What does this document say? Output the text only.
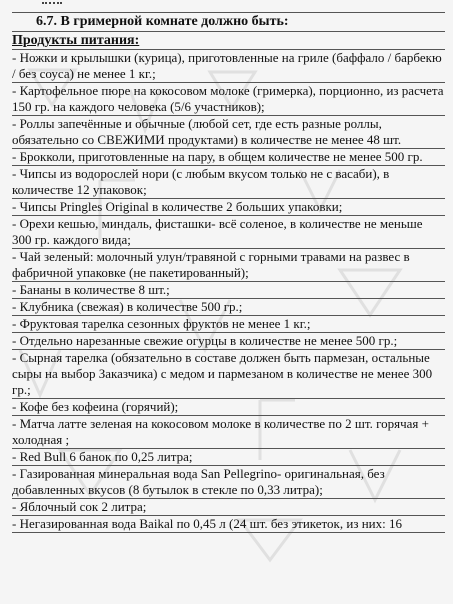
6.7. В гримерной комнате должно быть:
Продукты питания:
- Ножки и крылышки (курица), приготовленные на гриле (баффало / барбекю / без соуса) не менее 1 кг.;
- Картофельное пюре на кокосовом молоке (гримерка), порционно, из расчета 150 гр. на каждого человека (5/6 участников);
- Роллы запечённые и обычные (любой сет, где есть разные роллы, обязательно со СВЕЖИМИ продуктами) в количестве не менее 48 шт.
- Брокколи, приготовленные на пару, в общем количестве не менее 500 гр.
- Чипсы из водорослей нори (с любым вкусом только не с васаби), в количестве 12 упаковок;
- Чипсы Pringles Original в количестве 2 больших упаковки;
- Орехи кешью, миндаль, фисташки- всё соленое, в количестве не меньше 300 гр. каждого вида;
- Чай зеленый: молочный улун/травяной с горными травами на развес в фабричной упаковке (не пакетированный);
- Бананы в количестве 8 шт.;
- Клубника (свежая) в количестве 500 гр.;
- Фруктовая тарелка сезонных фруктов не менее 1 кг.;
- Отдельно нарезанные свежие огурцы в количестве не менее 500 гр.;
- Сырная тарелка (обязательно в составе должен быть пармезан, остальные сыры на выбор Заказчика) с медом и пармезаном в количестве не менее 300 гр.;
- Кофе без кофеина (горячий);
- Матча латте зеленая на кокосовом молоке в количестве по 2 шт. горячая + холодная ;
- Red Bull 6 банок по 0,25 литра;
- Газированная минеральная вода San Pellegrino- оригинальная, без добавленных вкусов (8 бутылок в стекле по 0,33 литра);
- Яблочный сок 2 литра;
- Негазированная вода Baikal по 0,45 л (24 шт. без этикеток, из них: 16
